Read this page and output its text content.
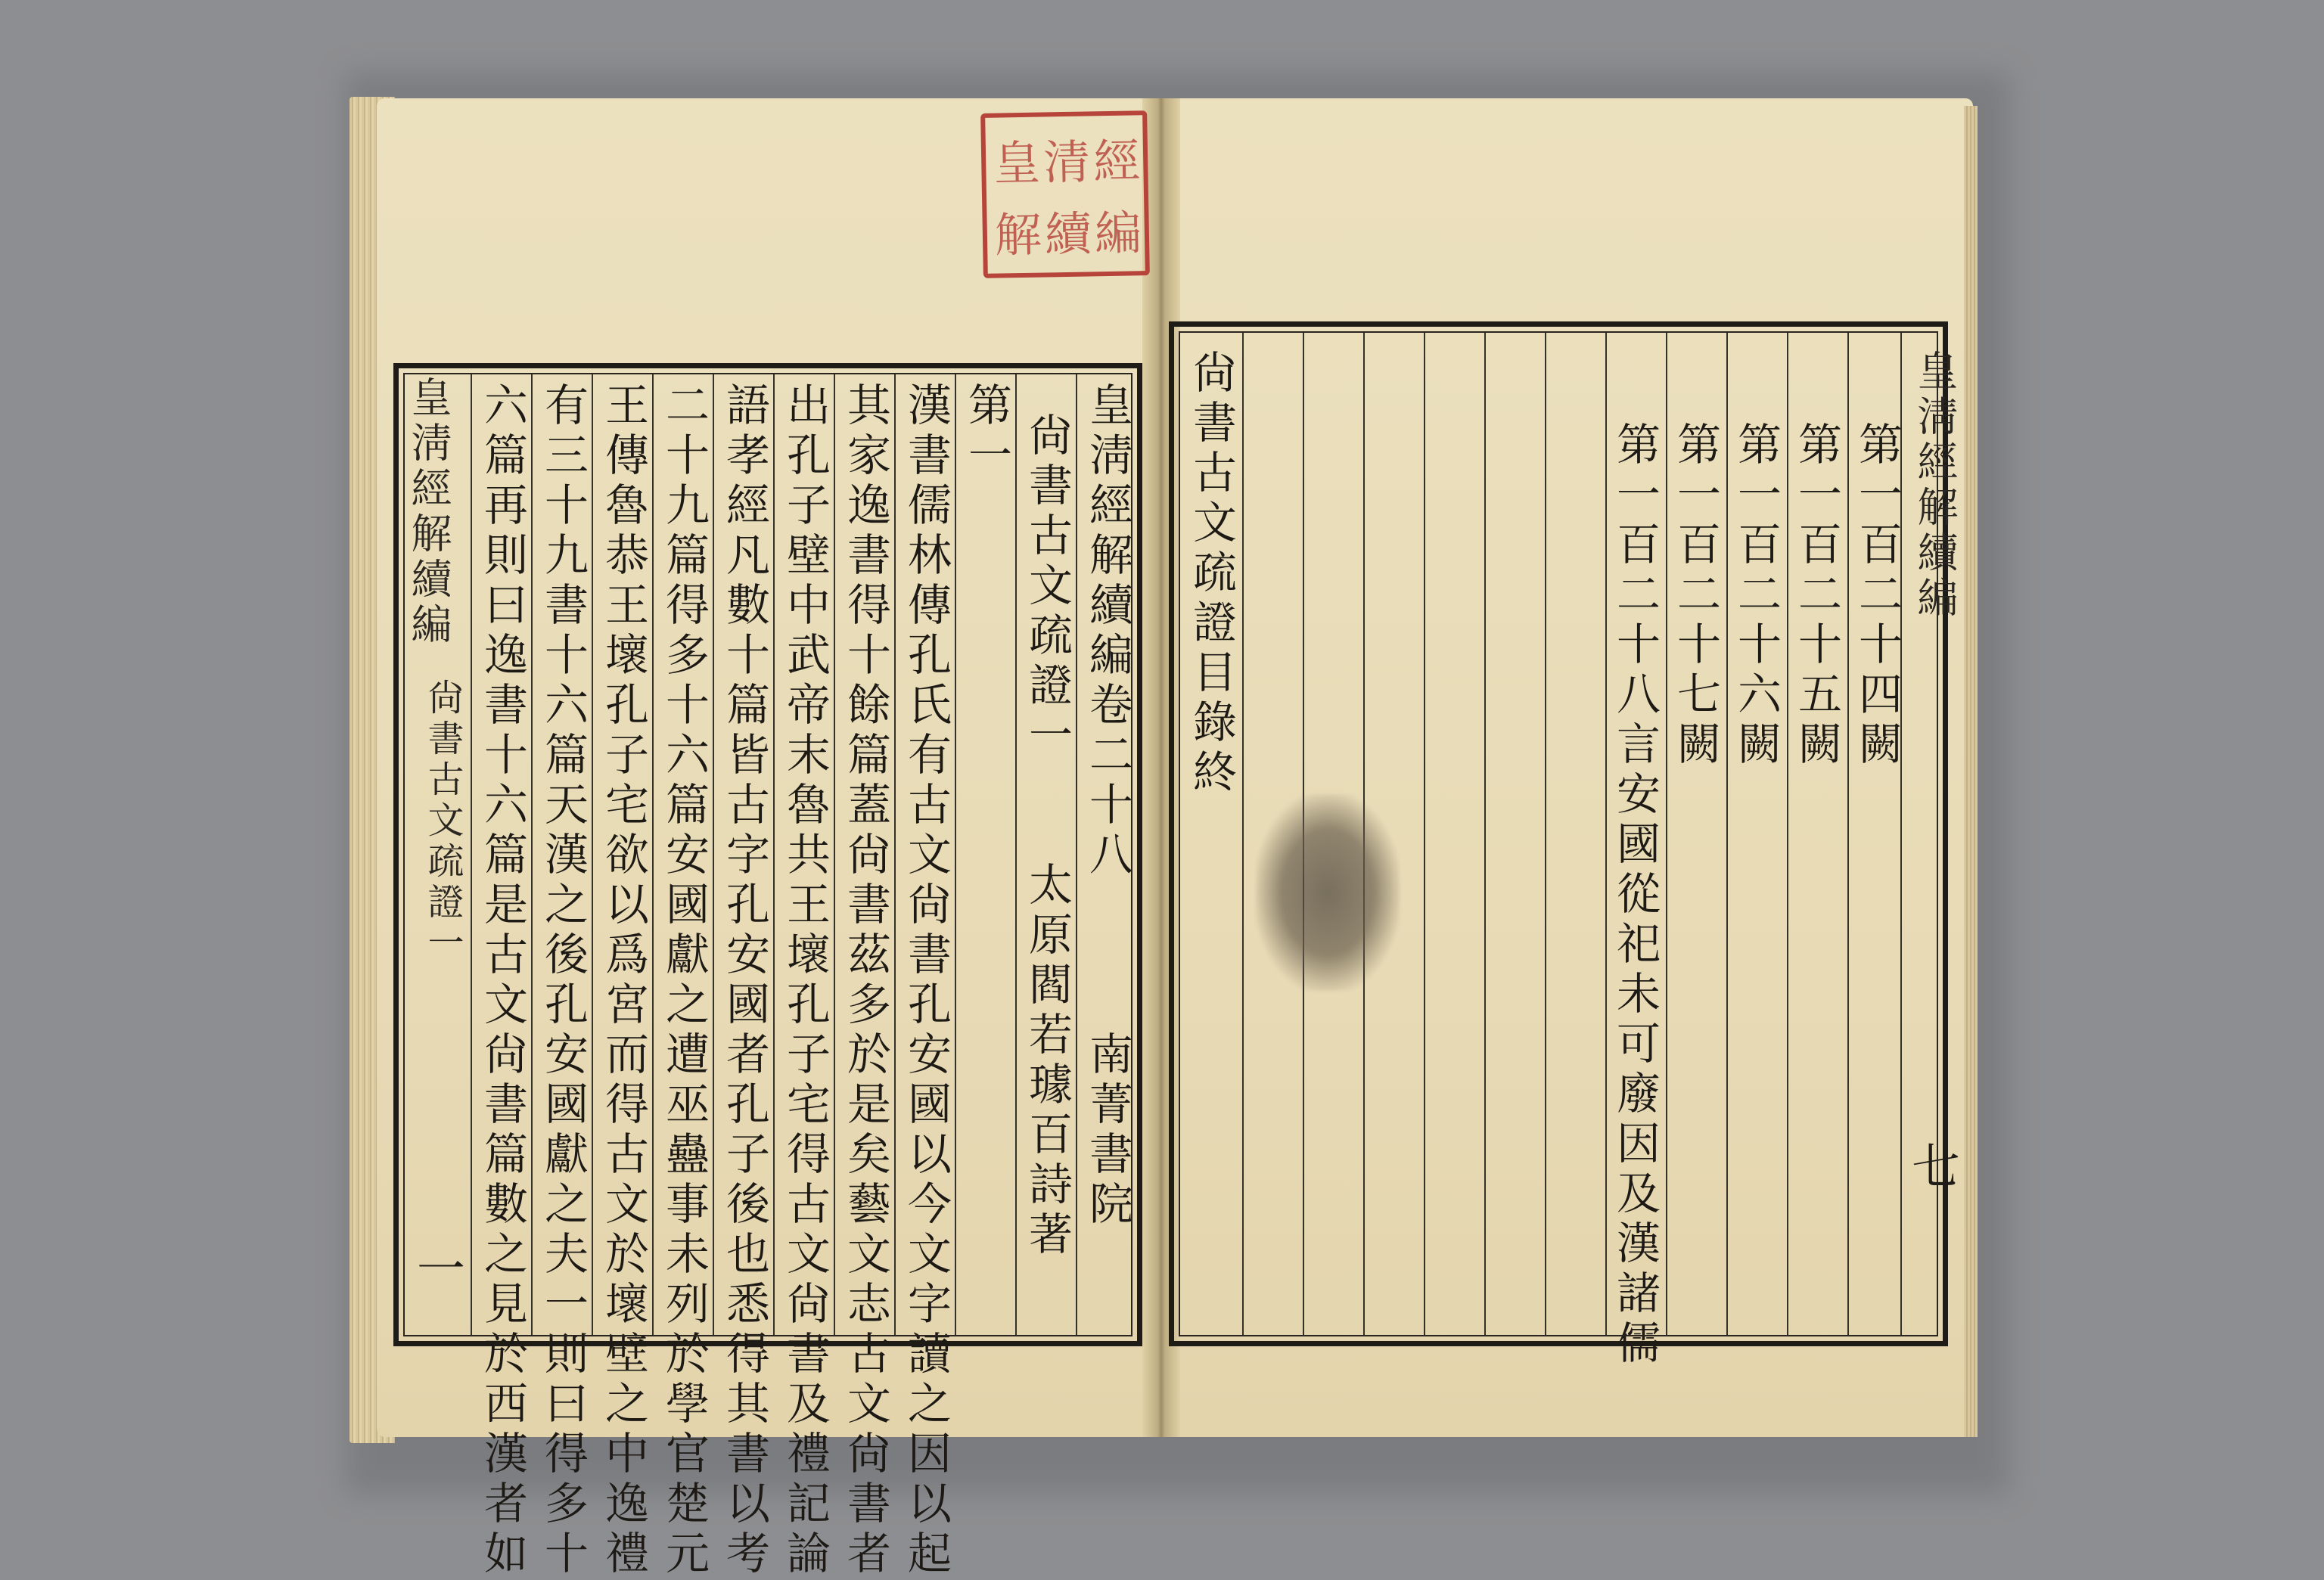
皇 清 經
解 續 編
皇淸經解續編卷二十八　　　南菁書院
尙書古文疏證一　　太原閻若璩百詩著
第一
漢書儒林傳孔氏有古文尙書孔安國以今文字讀之因以起
其家逸書得十餘篇蓋尙書茲多於是矣藝文志古文尙書者
出孔子壁中武帝末魯共王壞孔子宅得古文尙書及禮記論
語孝經凡數十篇皆古字孔安國者孔子後也悉得其書以考
二十九篇得多十六篇安國獻之遭巫蠱事未列於學官楚元
王傳魯恭王壞孔子宅欲以爲宮而得古文於壞壁之中逸禮
有三十九書十六篇天漢之後孔安國獻之夫一則曰得多十
六篇再則曰逸書十六篇是古文尙書篇數之見於西漢者如
皇淸經解續編
尙書古文疏證一
一
皇淸經解續編
七
第一百二十四闕
第一百二十五闕
第一百二十六闕
第一百二十七闕
第一百二十八言安國從祀未可廢因及漢諸儒
尙書古文疏證目錄終
